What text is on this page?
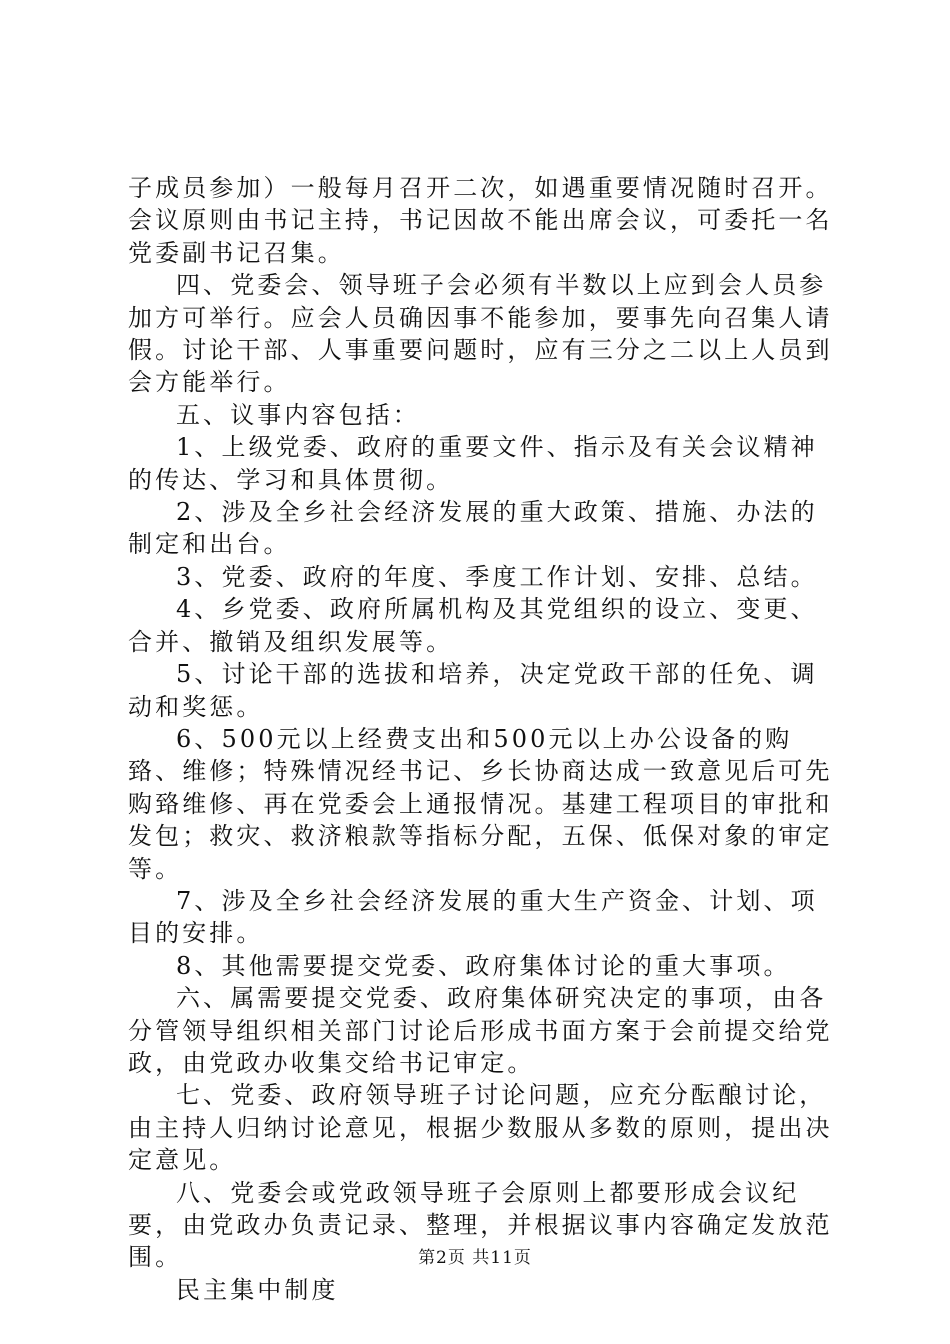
子成员参加）一般每月召开二次，如遇重要情况随时召开。会议原则由书记主持，书记因故不能出席会议，可委托一名党委副书记召集。

四、党委会、领导班子会必须有半数以上应到会人员参加方可举行。应会人员确因事不能参加，要事先向召集人请假。讨论干部、人事重要问题时，应有三分之二以上人员到会方能举行。

五、议事内容包括：

1、上级党委、政府的重要文件、指示及有关会议精神的传达、学习和具体贯彻。

2、涉及全乡社会经济发展的重大政策、措施、办法的制定和出台。

3、党委、政府的年度、季度工作计划、安排、总结。

4、乡党委、政府所属机构及其党组织的设立、变更、合并、撤销及组织发展等。

5、讨论干部的选拔和培养，决定党政干部的任免、调动和奖惩。

6、500元以上经费支出和500元以上办公设备的购臵、维修；特殊情况经书记、乡长协商达成一致意见后可先购臵维修、再在党委会上通报情况。基建工程项目的审批和发包；救灾、救济粮款等指标分配，五保、低保对象的审定等。

7、涉及全乡社会经济发展的重大生产资金、计划、项目的安排。

8、其他需要提交党委、政府集体讨论的重大事项。

六、属需要提交党委、政府集体研究决定的事项，由各分管领导组织相关部门讨论后形成书面方案于会前提交给党政，由党政办收集交给书记审定。

七、党委、政府领导班子讨论问题，应充分酝酿讨论，由主持人归纳讨论意见，根据少数服从多数的原则，提出决定意见。

八、党委会或党政领导班子会原则上都要形成会议纪要，由党政办负责记录、整理，并根据议事内容确定发放范围。

民主集中制度

第2页 共11页
